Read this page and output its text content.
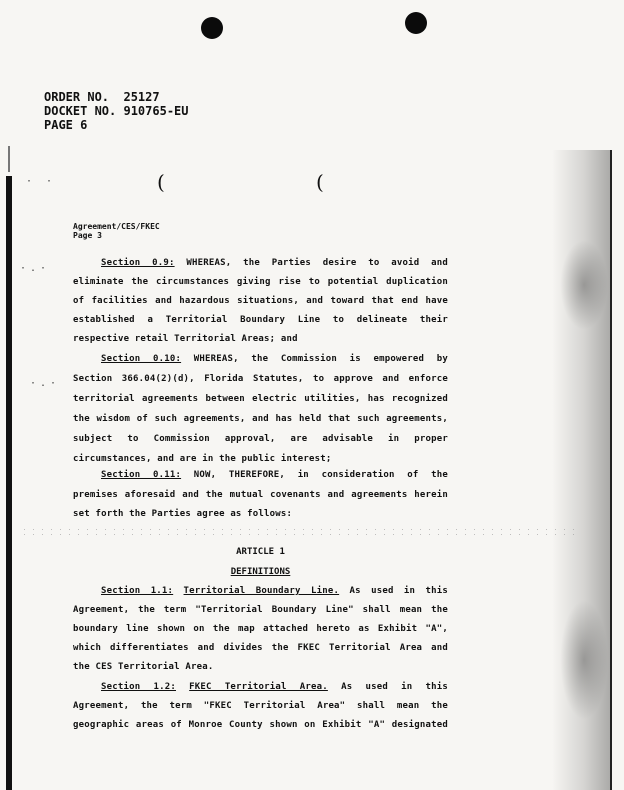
(	(
· ·
·.·
·.·
ORDER NO. 25127
DOCKET NO. 910765-EU
PAGE 6
Agreement/CES/FKEC
Page 3
Section 0.9: WHEREAS, the Parties desire to avoid and
eliminate the circumstances giving rise to potential duplication
of facilities and hazardous situations, and toward that end have
established a Territorial Boundary Line to delineate their
respective retail Territorial Areas; and
Section 0.10: WHEREAS, the Commission is empowered by
Section 366.04(2)(d), Florida Statutes, to approve and enforce
territorial agreements between electric utilities, has recognized
the wisdom of such agreements, and has held that such agreements,
subject to Commission approval, are advisable in proper
circumstances, and are in the public interest;
Section 0.11: NOW, THEREFORE, in consideration of the
premises aforesaid and the mutual covenants and agreements herein
set forth the Parties agree as follows:
ARTICLE 1
DEFINITIONS
Section 1.1: Territorial Boundary Line. As used in this
Agreement, the term "Territorial Boundary Line" shall mean the
boundary line shown on the map attached hereto as Exhibit "A",
which differentiates and divides the FKEC Territorial Area and
the CES Territorial Area.
Section 1.2: FKEC Territorial Area. As used in this
Agreement, the term "FKEC Territorial Area" shall mean the
geographic areas of Monroe County shown on Exhibit "A" designated
